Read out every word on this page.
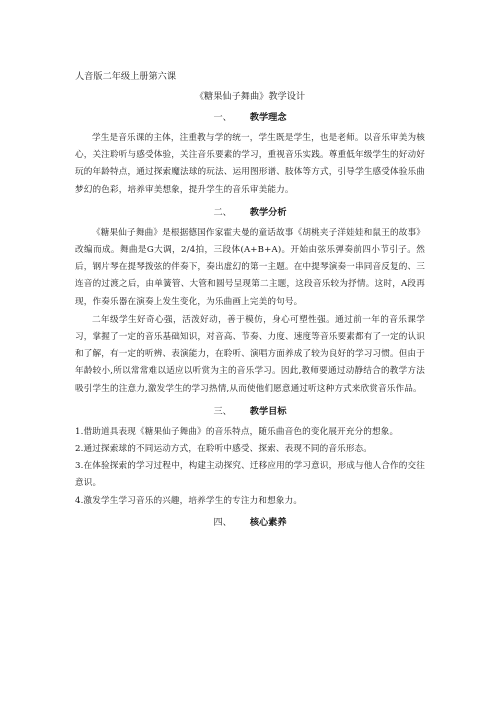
人音版二年级上册第六课

《糖果仙子舞曲》教学设计

一、 教学理念

学生是音乐课的主体，注重教与学的统一，学生既是学生，也是老师。以音乐审美为核心，关注聆听与感受体验，关注音乐要素的学习，重视音乐实践。尊重低年级学生的好动好玩的年龄特点，通过探索魔法球的玩法、运用图形谱、肢体等方式，引导学生感受体验乐曲梦幻的色彩，培养审美想象，提升学生的音乐审美能力。

二、 教学分析

《糖果仙子舞曲》是根据德国作家霍夫曼的童话故事《胡桃夹子洋娃娃和鼠王的故事》改编而成。舞曲是G大调，2/4拍，三段体(A+B+A)。开始由弦乐弹奏前四小节引子。然后，钢片琴在提琴拨弦的伴奏下，奏出虚幻的第一主题。在中提琴演奏一串同音反复的、三连音的过渡之后，由单簧管、大管和圆号呈现第二主题，这段音乐较为抒情。这时，A段再现，作奏乐器在演奏上发生变化，为乐曲画上完美的句号。

二年级学生好奇心强，活泼好动，善于模仿，身心可塑性强。通过前一年的音乐课学习，掌握了一定的音乐基础知识，对音高、节奏、力度、速度等音乐要素都有了一定的认识和了解，有一定的听辨、表演能力，在聆听、演唱方面养成了较为良好的学习习惯。但由于年龄较小,所以常常难以适应以听赏为主的音乐学习。因此,教师要通过动静结合的教学方法吸引学生的注意力,激发学生的学习热情,从而使他们愿意通过听这种方式来欣赏音乐作品。

三、 教学目标

1.借助道具表现《糖果仙子舞曲》的音乐特点，随乐曲音色的变化展开充分的想象。

2.通过探索球的不同运动方式，在聆听中感受、探索、表现不同的音乐形态。

3.在体验探索的学习过程中，构建主动探究、迁移应用的学习意识，形成与他人合作的交往意识。

4.激发学生学习音乐的兴趣，培养学生的专注力和想象力。

四、 核心素养
